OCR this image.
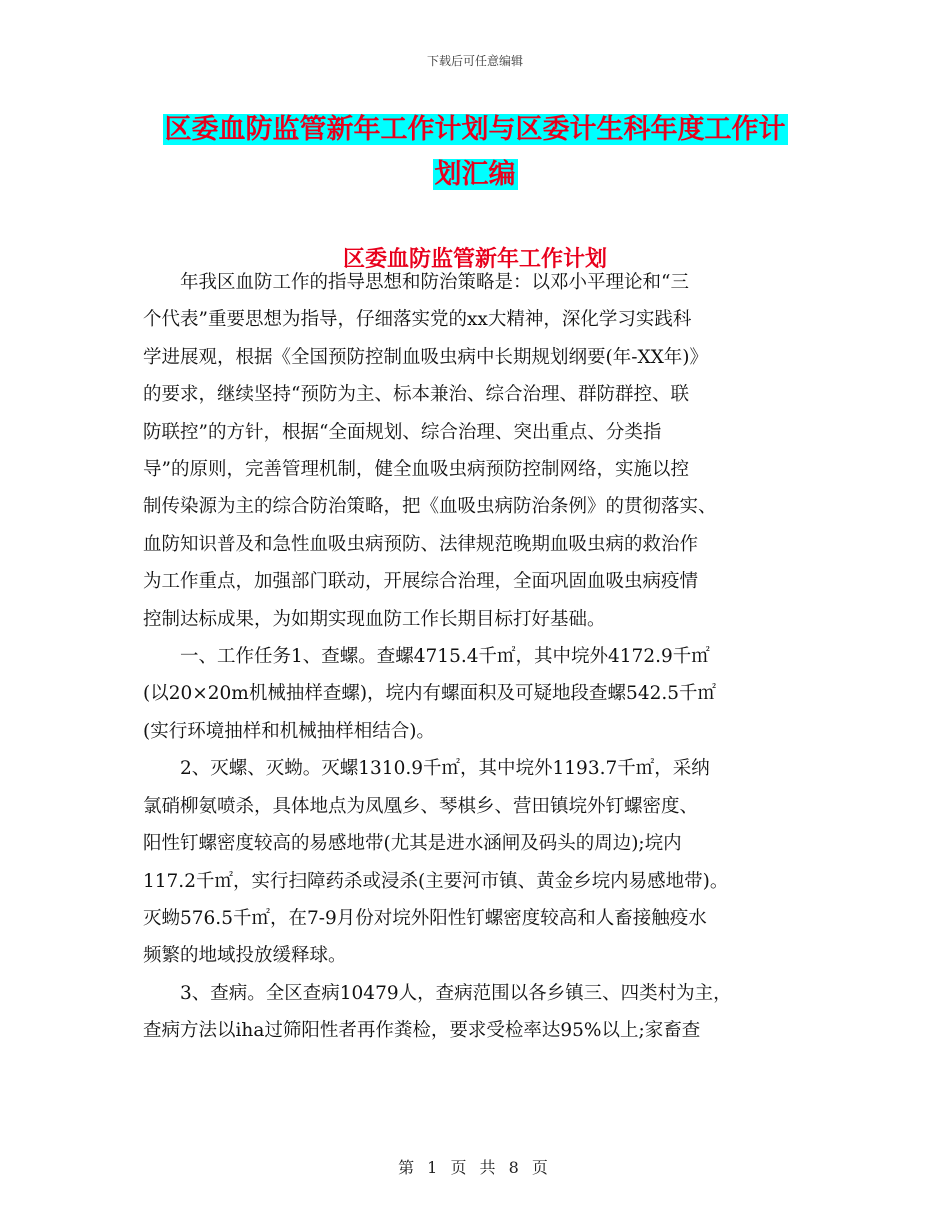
下载后可任意编辑
区委血防监管新年工作计划与区委计生科年度工作计
划汇编
区委血防监管新年工作计划
　　年我区血防工作的指导思想和防治策略是：以邓小平理论和“三
个代表”重要思想为指导，仔细落实党的xx大精神，深化学习实践科
学进展观，根据《全国预防控制血吸虫病中长期规划纲要(年-XX年)》
的要求，继续坚持“预防为主、标本兼治、综合治理、群防群控、联
防联控”的方针，根据“全面规划、综合治理、突出重点、分类指
导”的原则，完善管理机制，健全血吸虫病预防控制网络，实施以控
制传染源为主的综合防治策略，把《血吸虫病防治条例》的贯彻落实、
血防知识普及和急性血吸虫病预防、法律规范晚期血吸虫病的救治作
为工作重点，加强部门联动，开展综合治理，全面巩固血吸虫病疫情
控制达标成果，为如期实现血防工作长期目标打好基础。
　　一、工作任务1、查螺。查螺4715.4千㎡，其中垸外4172.9千㎡
(以20×20m机械抽样查螺)，垸内有螺面积及可疑地段查螺542.5千㎡
(实行环境抽样和机械抽样相结合)。
　　2、灭螺、灭蚴。灭螺1310.9千㎡，其中垸外1193.7千㎡，采纳
氯硝柳氨喷杀，具体地点为凤凰乡、琴棋乡、营田镇垸外钉螺密度、
阳性钉螺密度较高的易感地带(尤其是进水涵闸及码头的周边);垸内
117.2千㎡，实行扫障药杀或浸杀(主要河市镇、黄金乡垸内易感地带)。
灭蚴576.5千㎡，在7-9月份对垸外阳性钉螺密度较高和人畜接触疫水
频繁的地域投放缓释球。
　　3、查病。全区查病10479人，查病范围以各乡镇三、四类村为主，
查病方法以iha过筛阳性者再作粪检，要求受检率达95%以上;家畜查
第 1 页 共 8 页
